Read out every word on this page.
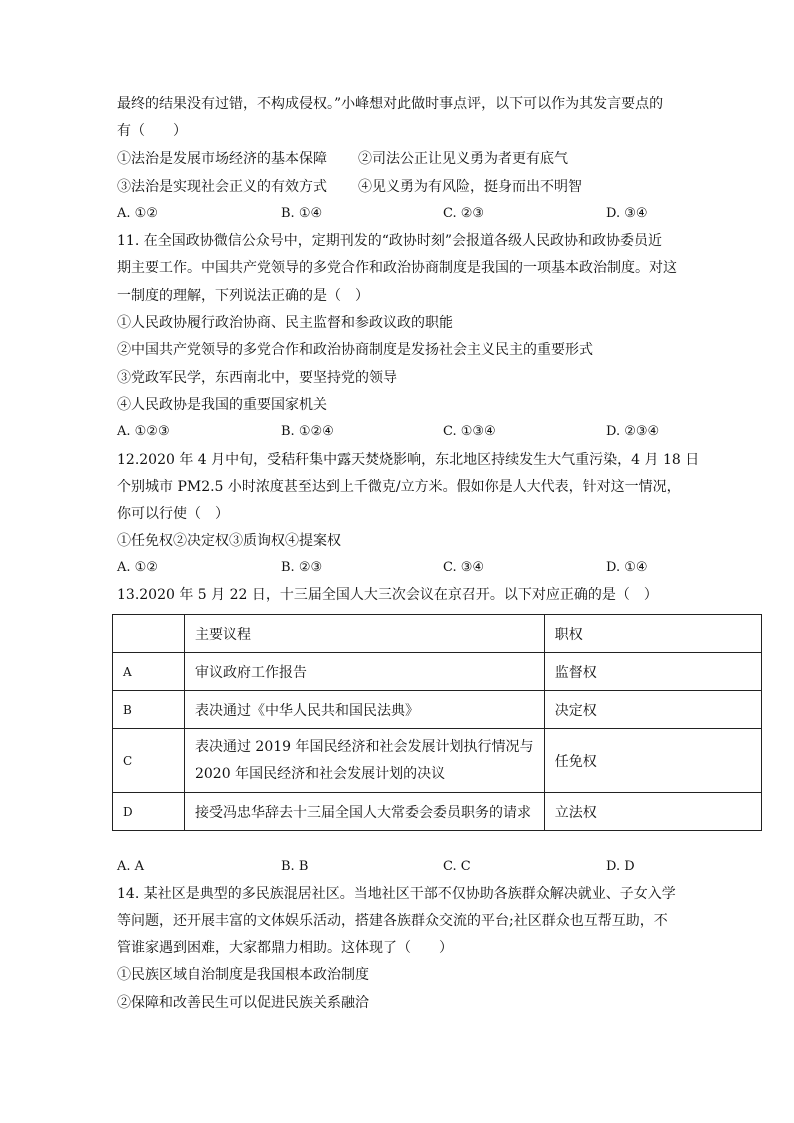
最终的结果没有过错，不构成侵权。”小峰想对此做时事点评，以下可以作为其发言要点的
有（　　）
①法治是发展市场经济的基本保障 ②司法公正让见义勇为者更有底气
③法治是实现社会正义的有效方式 ④见义勇为有风险，挺身而出不明智
A. ①②	B. ①④	C. ②③	D. ③④
11. 在全国政协微信公众号中，定期刊发的“政协时刻”会报道各级人民政协和政协委员近
期主要工作。中国共产党领导的多党合作和政治协商制度是我国的一项基本政治制度。对这
一制度的理解，下列说法正确的是（　）
①人民政协履行政治协商、民主监督和参政议政的职能
②中国共产党领导的多党合作和政治协商制度是发扬社会主义民主的重要形式
③党政军民学，东西南北中，要坚持党的领导
④人民政协是我国的重要国家机关
A. ①②③	B. ①②④	C. ①③④	D. ②③④
12.2020 年 4 月中旬，受秸秆集中露天焚烧影响，东北地区持续发生大气重污染，4 月 18 日
个别城市 PM2.5 小时浓度甚至达到上千微克/立方米。假如你是人大代表，针对这一情况，
你可以行使（　）
①任免权②决定权③质询权④提案权
A. ①②	B. ②③	C. ③④	D. ①④
13.2020 年 5 月 22 日，十三届全国人大三次会议在京召开。以下对应正确的是（　）
	主要议程	职权
A	审议政府工作报告	监督权
B	表决通过《中华人民共和国民法典》	决定权
C	表决通过 2019 年国民经济和社会发展计划执行情况与
2020 年国民经济和社会发展计划的决议	任免权
D	接受冯忠华辞去十三届全国人大常委会委员职务的请求	立法权
A. A	B. B	C. C	D. D
14. 某社区是典型的多民族混居社区。当地社区干部不仅协助各族群众解决就业、子女入学
等问题，还开展丰富的文体娱乐活动，搭建各族群众交流的平台;社区群众也互帮互助，不
管谁家遇到困难，大家都鼎力相助。这体现了（　　）
①民族区域自治制度是我国根本政治制度
②保障和改善民生可以促进民族关系融洽
